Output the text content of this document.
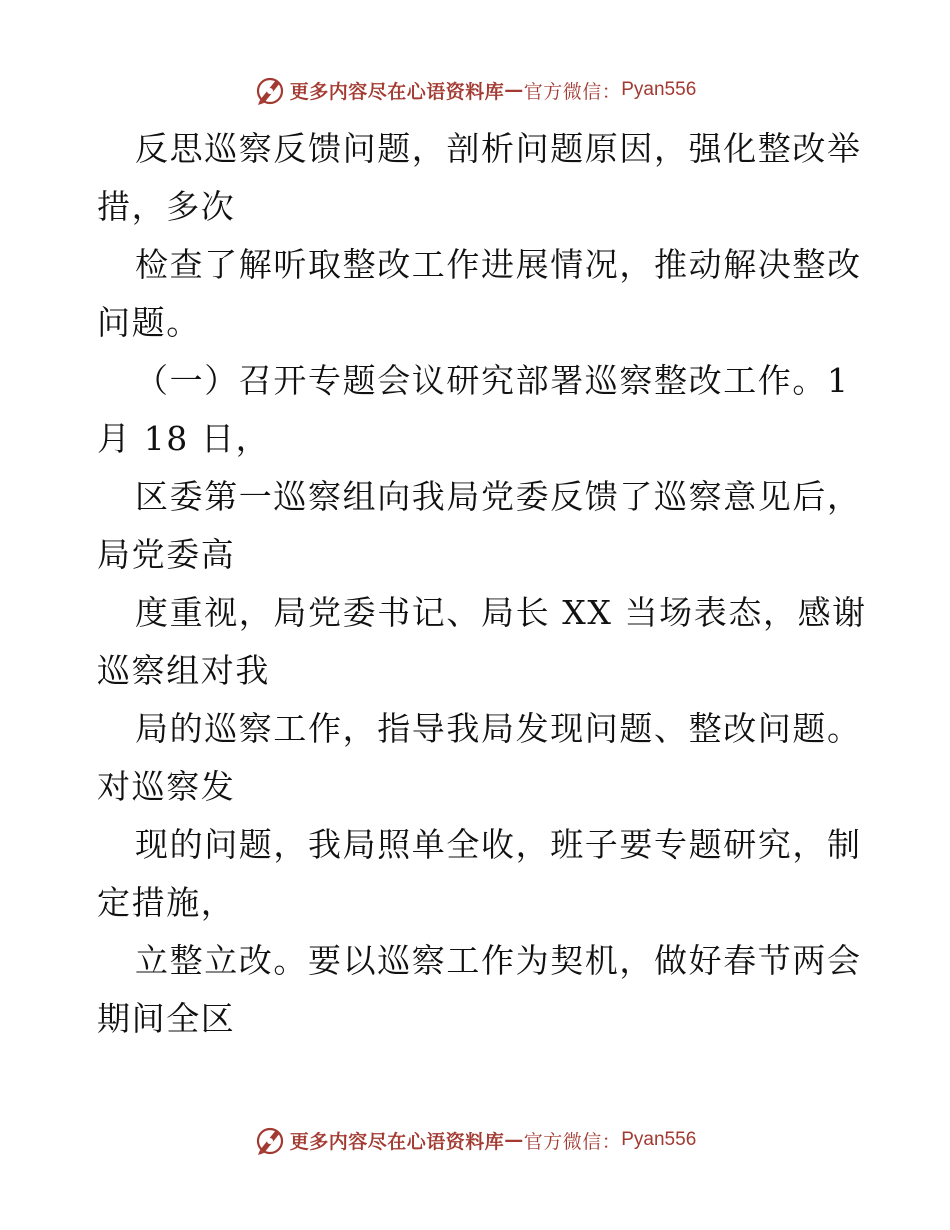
更多内容尽在心语资料库 — 官方微信： Pyan556
反思巡察反馈问题，剖析问题原因，强化整改举
措，多次
检查了解听取整改工作进展情况，推动解决整改
问题。
（一）召开专题会议研究部署巡察整改工作。1
月 18 日，
区委第一巡察组向我局党委反馈了巡察意见后，
局党委高
度重视，局党委书记、局长 XX 当场表态，感谢
巡察组对我
局的巡察工作，指导我局发现问题、整改问题。
对巡察发
现的问题，我局照单全收，班子要专题研究，制
定措施，
立整立改。要以巡察工作为契机，做好春节两会
期间全区
更多内容尽在心语资料库 — 官方微信： Pyan556
